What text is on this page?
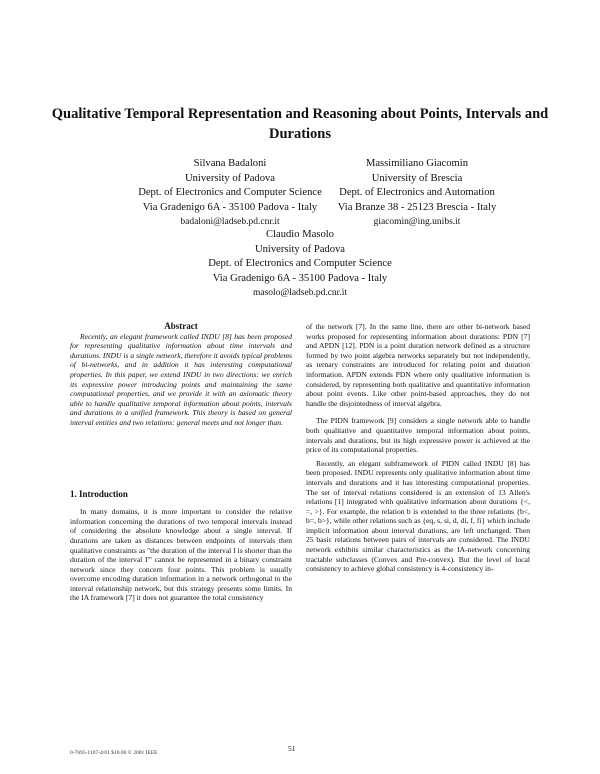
Qualitative Temporal Representation and Reasoning about Points, Intervals and Durations
Silvana Badaloni
University of Padova
Dept. of Electronics and Computer Science
Via Gradenigo 6A - 35100 Padova - Italy
badaloni@ladseb.pd.cnr.it
Massimiliano Giacomin
University of Brescia
Dept. of Electronics and Automation
Via Branze 38 - 25123 Brescia - Italy
giacomin@ing.unibs.it
Claudio Masolo
University of Padova
Dept. of Electronics and Computer Science
Via Gradenigo 6A - 35100 Padova - Italy
masolo@ladseb.pd.cnr.it

Abstract

Recently, an elegant framework called INDU [8] has been proposed for representing qualitative information about time intervals and durations. INDU is a single network, therefore it avoids typical problems of bi-networks, and in addition it has interesting computational properties. In this paper, we extend INDU in two directions: we enrich its expressive power introducing points and maintaining the same computational properties, and we provide it with an axiomatic theory able to handle qualitative temporal information about points, intervals and durations in a unified framework. This theory is based on general interval entities and two relations: general meets and not longer than.

1. Introduction

In many domains, it is more important to consider the relative information concerning the durations of two temporal intervals instead of considering the absolute knowledge about a single interval. If durations are taken as distances between endpoints of intervals then qualitative constraints as "the duration of the interval I is shorter than the duration of the interval I'" cannot be represented in a binary constraint network since they concern four points. This problem is usually overcome encoding duration information in a network orthogonal to the interval relationship network, but this strategy presents some limits. In the IA framework [7] it does not guarantee the total consistency

of the network [7]. In the same line, there are other bi-network based works proposed for representing information about durations: PDN [7] and APDN [12]. PDN is a point duration network defined as a structure formed by two point algebra networks separately but not independently, as ternary constraints are introduced for relating point and duration information. APDN extends PDN where only qualitative information is considered, by representing both qualitative and quantitative information about point events. Like other point-based approaches, they do not handle the disjointedness of interval algebra.

The PIDN framework [9] considers a single network able to handle both qualitative and quantitative temporal information about points, intervals and durations, but its high expressive power is achieved at the price of its computational properties.

Recently, an elegant subframework of PIDN called INDU [8] has been proposed. INDU represents only qualitative information about time intervals and durations and it has interesting computational properties. The set of interval relations considered is an extension of 13 Allen's relations [1] integrated with qualitative information about durations {<, =, >}. For example, the relation b is extended to the three relations {b<, b=, b>}, while other relations such as {eq, s, si, d, di, f, fi} which include implicit information about interval durations, are left unchanged. Then 25 basic relations between pairs of intervals are considered. The INDU network exhibits similar characteristics as the IA-network concerning tractable subclasses (Convex and Pre-convex). But the level of local consistency to achieve global consistency is 4-consistency in-

0-7695-1107-4/01 $10.00 © 2001 IEEE	51
